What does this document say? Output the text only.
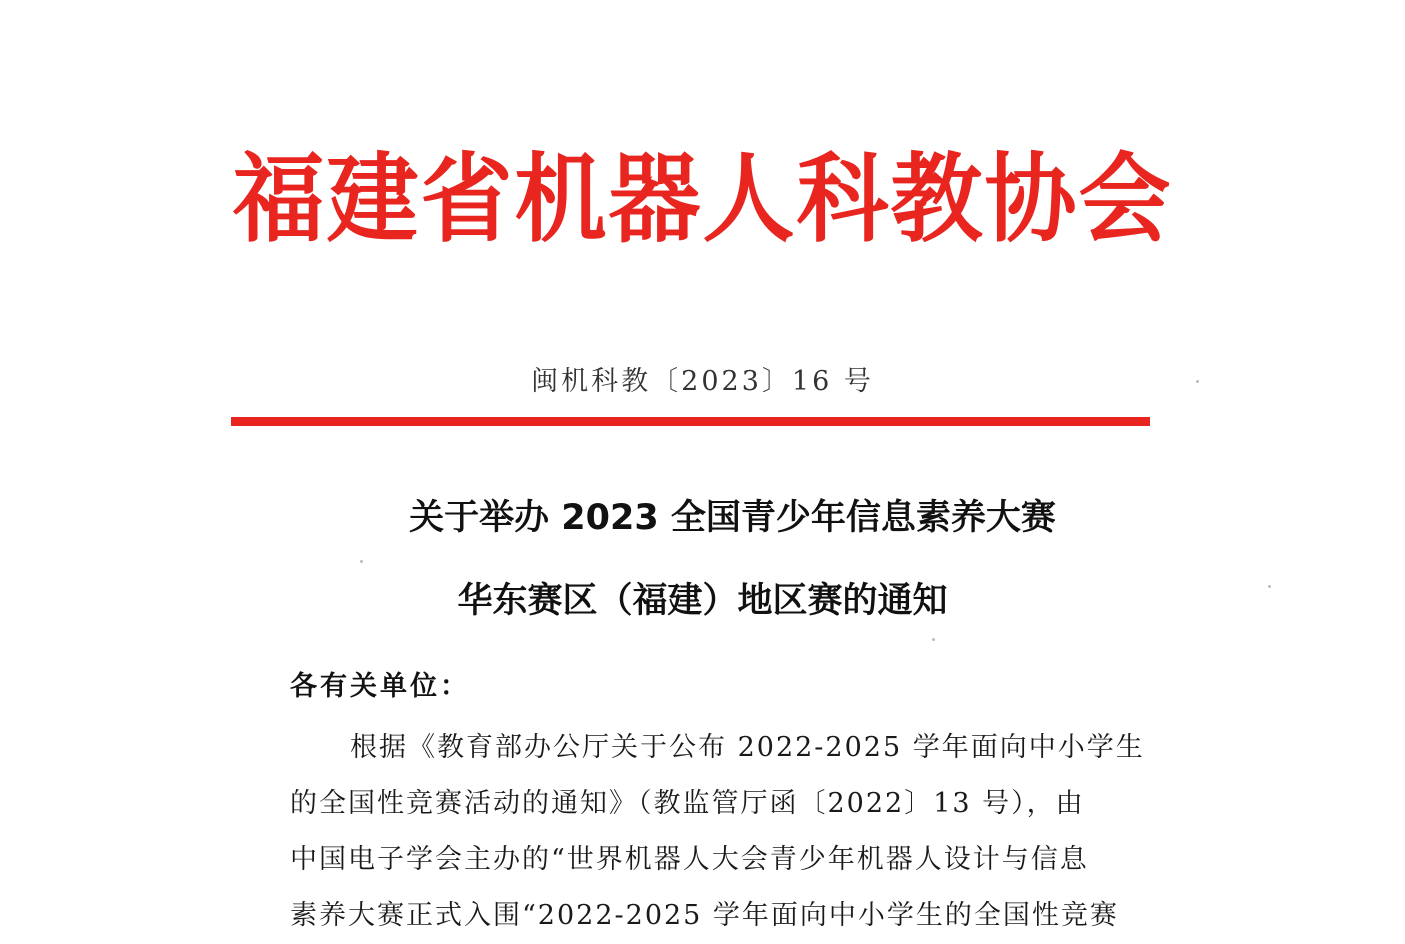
福建省机器人科教协会
闽机科教〔2023〕16 号
关于举办 2023 全国青少年信息素养大赛
华东赛区（福建）地区赛的通知
各有关单位：
根据《教育部办公厅关于公布 2022-2025 学年面向中小学生
的全国性竞赛活动的通知》（教监管厅函〔2022〕13 号），由
中国电子学会主办的“世界机器人大会青少年机器人设计与信息
素养大赛正式入围“2022-2025 学年面向中小学生的全国性竞赛
